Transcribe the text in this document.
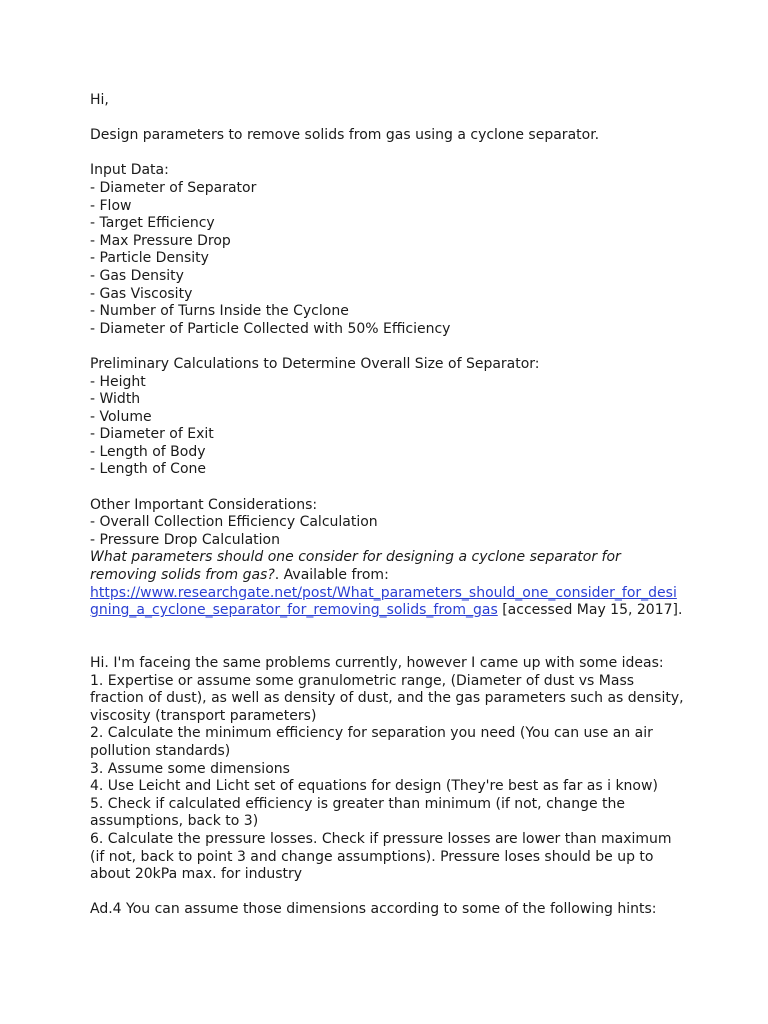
Hi,
Design parameters to remove solids from gas using a cyclone separator.
Input Data:
- Diameter of Separator
- Flow
- Target Efficiency
- Max Pressure Drop
- Particle Density
- Gas Density
- Gas Viscosity
- Number of Turns Inside the Cyclone
- Diameter of Particle Collected with 50% Efficiency
Preliminary Calculations to Determine Overall Size of Separator:
- Height
- Width
- Volume
- Diameter of Exit
- Length of Body
- Length of Cone
Other Important Considerations:
- Overall Collection Efficiency Calculation
- Pressure Drop Calculation
What parameters should one consider for designing a cyclone separator for
removing solids from gas?. Available from:
https://www.researchgate.net/post/What_parameters_should_one_consider_for_desi
gning_a_cyclone_separator_for_removing_solids_from_gas [accessed May 15, 2017].
Hi. I'm faceing the same problems currently, however I came up with some ideas:
1. Expertise or assume some granulometric range, (Diameter of dust vs Mass
fraction of dust), as well as density of dust, and the gas parameters such as density,
viscosity (transport parameters)
2. Calculate the minimum efficiency for separation you need (You can use an air
pollution standards)
3. Assume some dimensions
4. Use Leicht and Licht set of equations for design (They're best as far as i know)
5. Check if calculated efficiency is greater than minimum (if not, change the
assumptions, back to 3)
6. Calculate the pressure losses. Check if pressure losses are lower than maximum
(if not, back to point 3 and change assumptions). Pressure loses should be up to
about 20kPa max. for industry
Ad.4 You can assume those dimensions according to some of the following hints:
